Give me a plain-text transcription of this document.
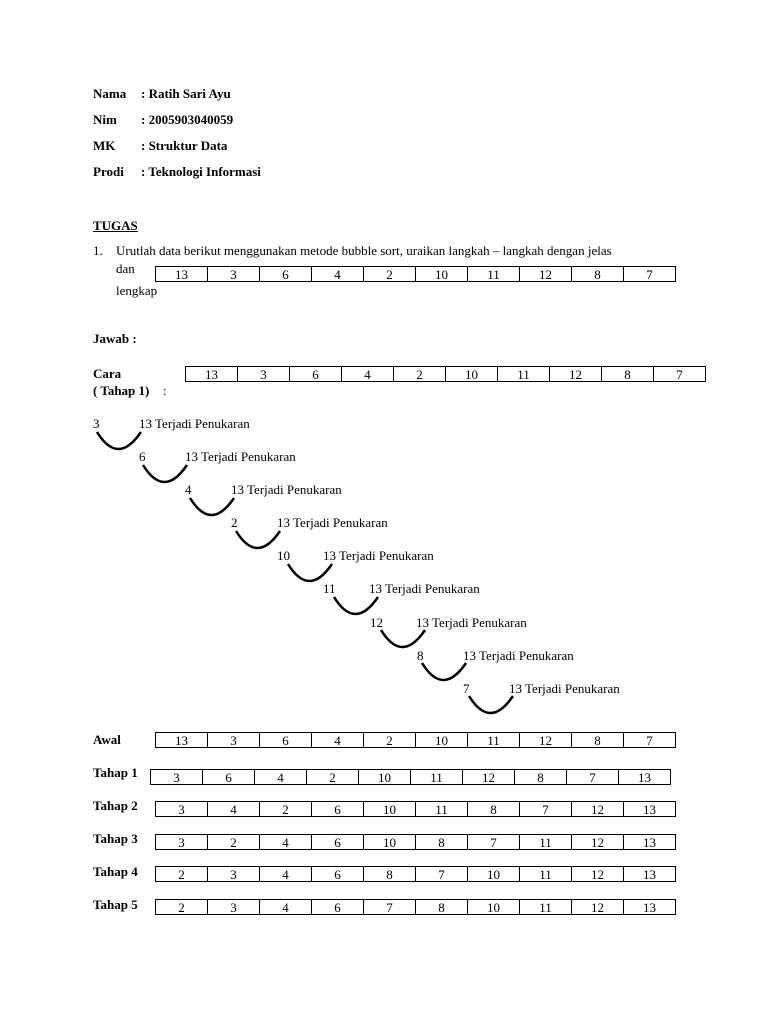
Nama	: Ratih Sari Ayu
Nim	: 2005903040059
MK	: Struktur Data
Prodi	: Teknologi Informasi
TUGAS
1. Urutlah data berikut menggunakan metode bubble sort, uraikan langkah – langkah dengan jelas
dan
lengkap
13	3	6	4	2	10	11	12	8	7
Jawab :
Cara
( Tahap 1) :
13	3	6	4	2	10	11	12	8	7
3	13 Terjadi Penukaran
6	13 Terjadi Penukaran
4	13 Terjadi Penukaran
2	13 Terjadi Penukaran
10	13 Terjadi Penukaran
11	13 Terjadi Penukaran
12	13 Terjadi Penukaran
8	13 Terjadi Penukaran
7	13 Terjadi Penukaran
Awal	13	3	6	4	2	10	11	12	8	7
Tahap 1	3	6	4	2	10	11	12	8	7	13
Tahap 2	3	4	2	6	10	11	8	7	12	13
Tahap 3	3	2	4	6	10	8	7	11	12	13
Tahap 4	2	3	4	6	8	7	10	11	12	13
Tahap 5	2	3	4	6	7	8	10	11	12	13
